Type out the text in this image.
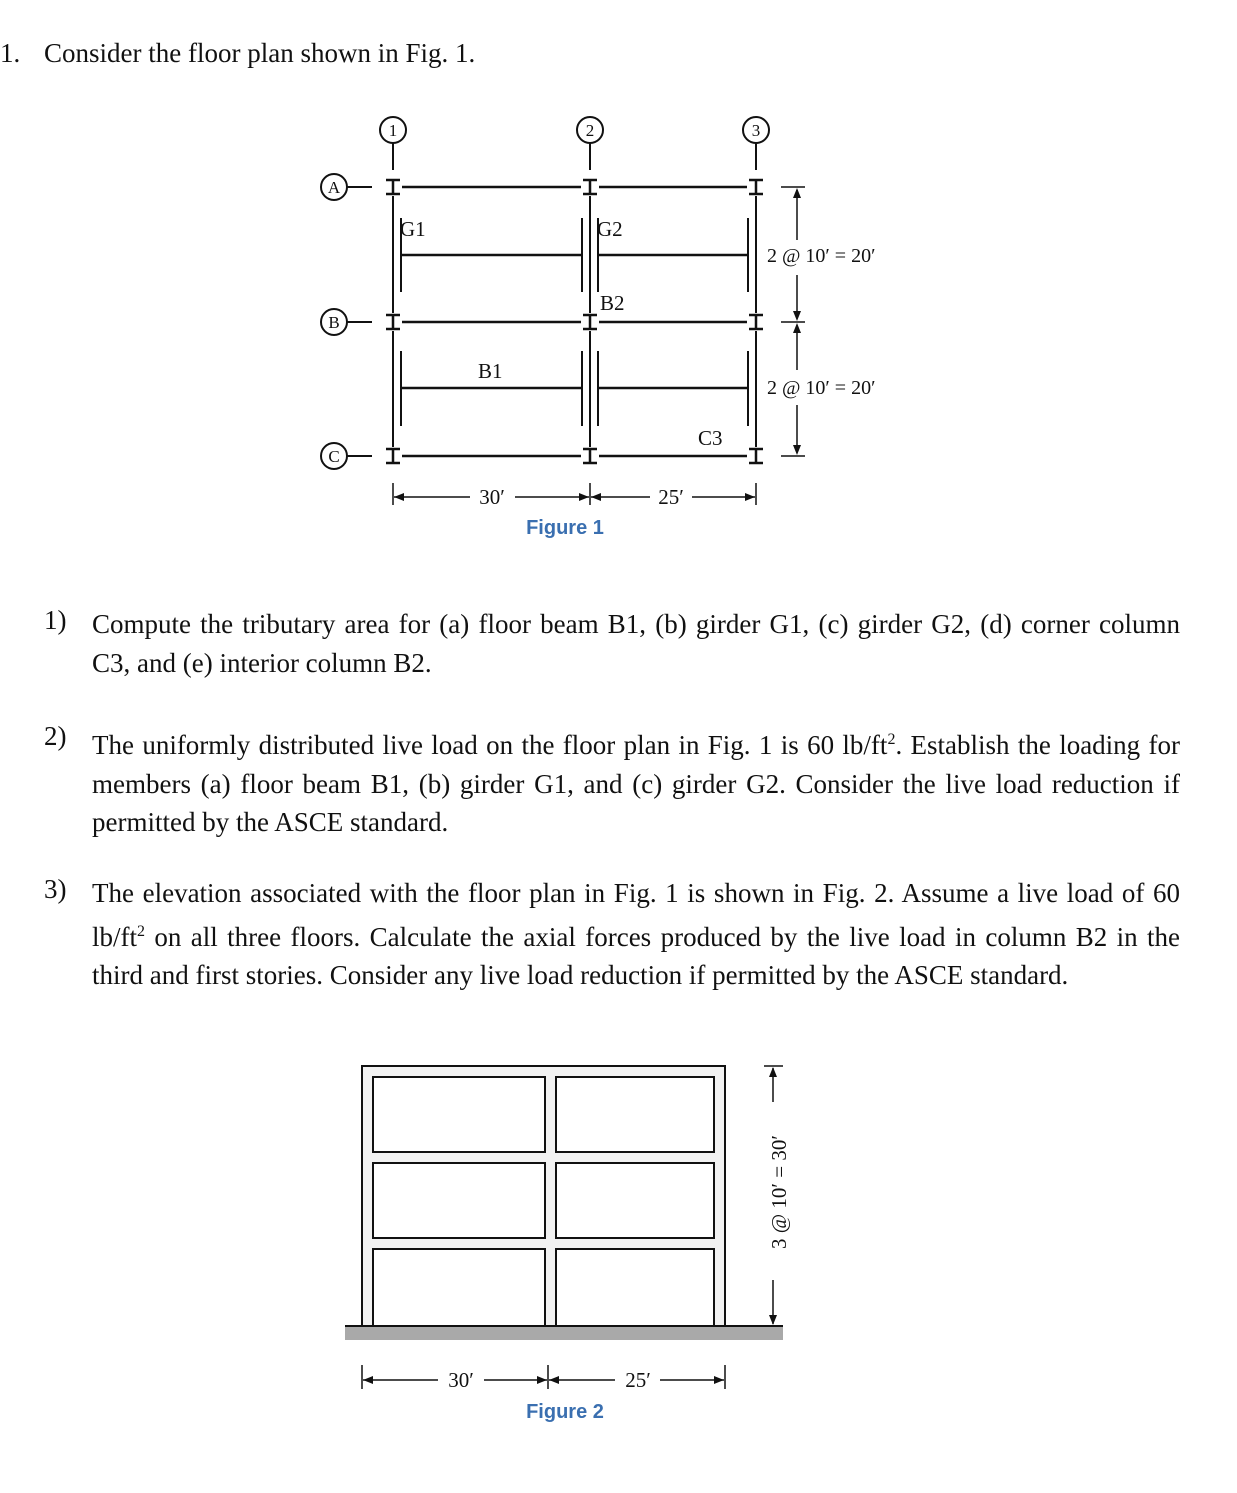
1. Consider the floor plan shown in Fig. 1.
1	2	3
A
B
C
G1	G2
B2
B1
C3
2 @ 10′ = 20′
2 @ 10′ = 20′
30′	25′
Figure 1
1) Compute the tributary area for (a) floor beam B1, (b) girder G1, (c) girder G2, (d) corner column C3, and (e) interior column B2.
2) The uniformly distributed live load on the floor plan in Fig. 1 is 60 $lb/ft^2$. Establish the loading for members (a) floor beam B1, (b) girder G1, and (c) girder G2. Consider the live load reduction if permitted by the ASCE standard.
3) The elevation associated with the floor plan in Fig. 1 is shown in Fig. 2. Assume a live load of 60 $lb/ft^2$ on all three floors. Calculate the axial forces produced by the live load in column B2 in the third and first stories. Consider any live load reduction if permitted by the ASCE standard.
3 @ 10′ = 30′
30′	25′
Figure 2
